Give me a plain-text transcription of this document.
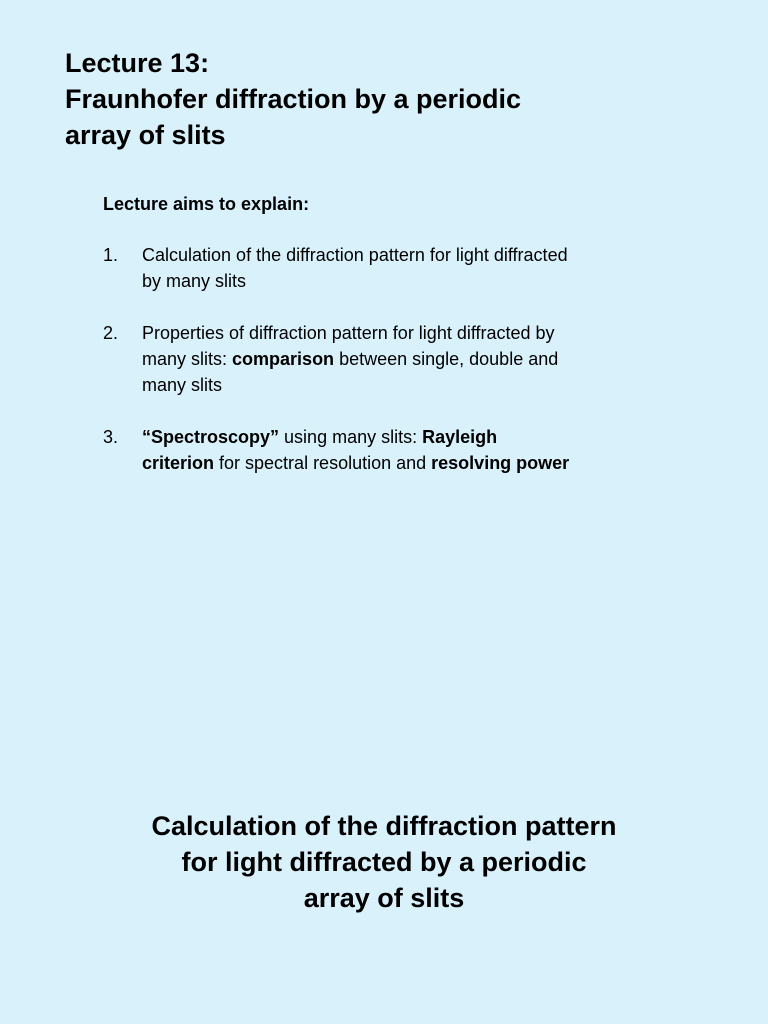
Lecture 13:
Fraunhofer diffraction by a periodic
array of slits
Lecture aims to explain:
1. Calculation of the diffraction pattern for light diffracted
by many slits
2. Properties of diffraction pattern for light diffracted by
many slits: comparison between single, double and
many slits
3. “Spectroscopy” using many slits: Rayleigh
criterion for spectral resolution and resolving power
Calculation of the diffraction pattern
for light diffracted by a periodic
array of slits
